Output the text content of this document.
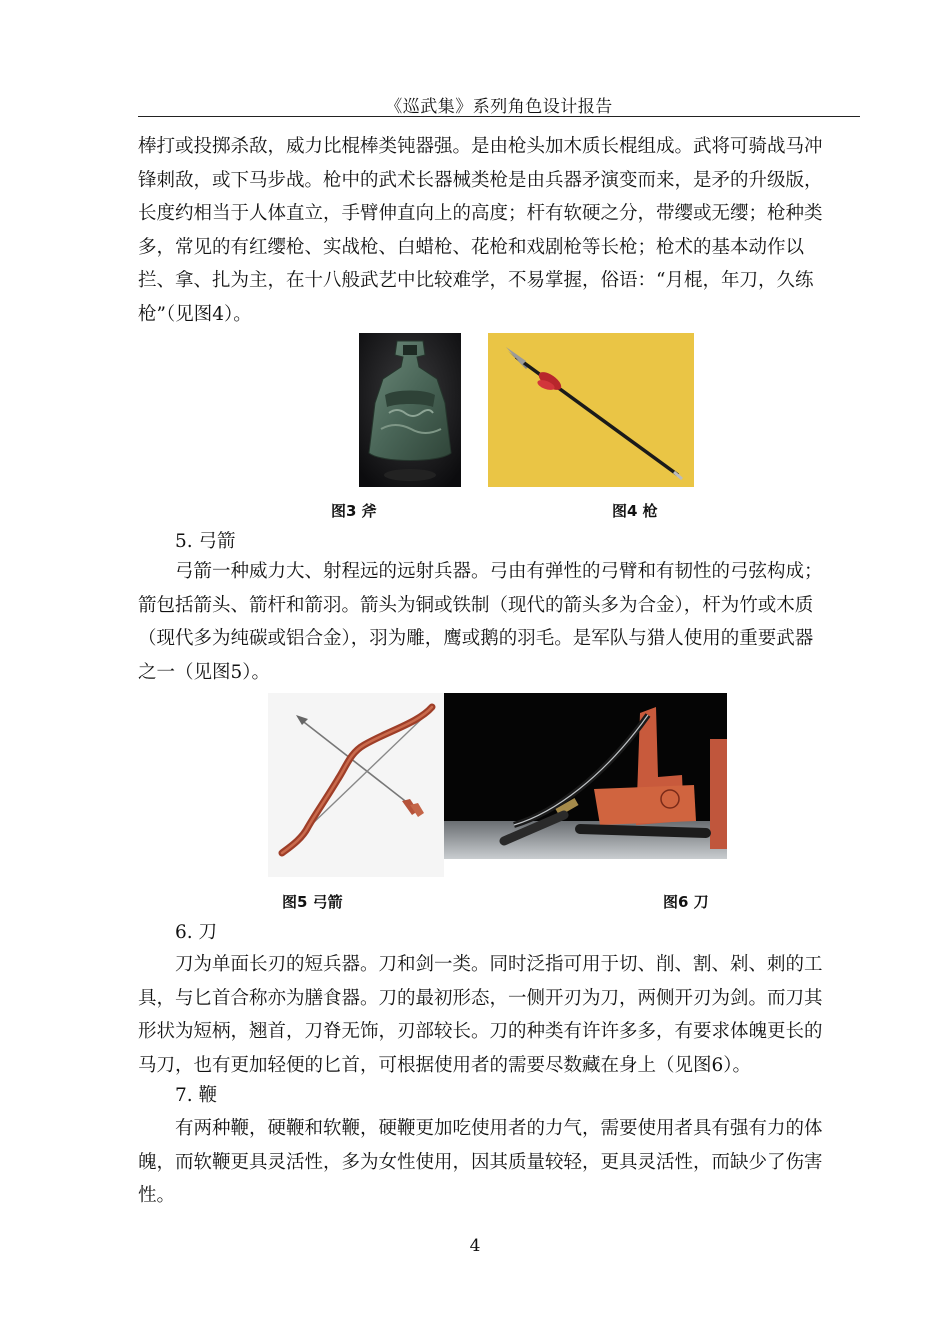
《巡武集》系列角色设计报告
棒打或投掷杀敌，威力比棍棒类钝器强。是由枪头加木质长棍组成。武将可骑战马冲
锋刺敌，或下马步战。枪中的武术长器械类枪是由兵器矛演变而来，是矛的升级版，
长度约相当于人体直立，手臂伸直向上的高度；杆有软硬之分，带缨或无缨；枪种类
多，常见的有红缨枪、实战枪、白蜡枪、花枪和戏剧枪等长枪；枪术的基本动作以
拦、拿、扎为主，在十八般武艺中比较难学，不易掌握，俗语：“月棍，年刀，久练
枪”（见图4）。
图3 斧	图4 枪
5. 弓箭
弓箭一种威力大、射程远的远射兵器。弓由有弹性的弓臂和有韧性的弓弦构成；
箭包括箭头、箭杆和箭羽。箭头为铜或铁制（现代的箭头多为合金），杆为竹或木质
（现代多为纯碳或铝合金），羽为雕，鹰或鹅的羽毛。是军队与猎人使用的重要武器
之一（见图5）。
图5 弓箭	图6 刀
6. 刀
刀为单面长刃的短兵器。刀和剑一类。同时泛指可用于切、削、割、剁、刺的工
具，与匕首合称亦为膳食器。刀的最初形态，一侧开刃为刀，两侧开刃为剑。而刀其
形状为短柄，翘首，刀脊无饰，刃部较长。刀的种类有许许多多，有要求体魄更长的
马刀，也有更加轻便的匕首，可根据使用者的需要尽数藏在身上（见图6）。
7. 鞭
有两种鞭，硬鞭和软鞭，硬鞭更加吃使用者的力气，需要使用者具有强有力的体
魄，而软鞭更具灵活性，多为女性使用，因其质量较轻，更具灵活性，而缺少了伤害
性。
4
